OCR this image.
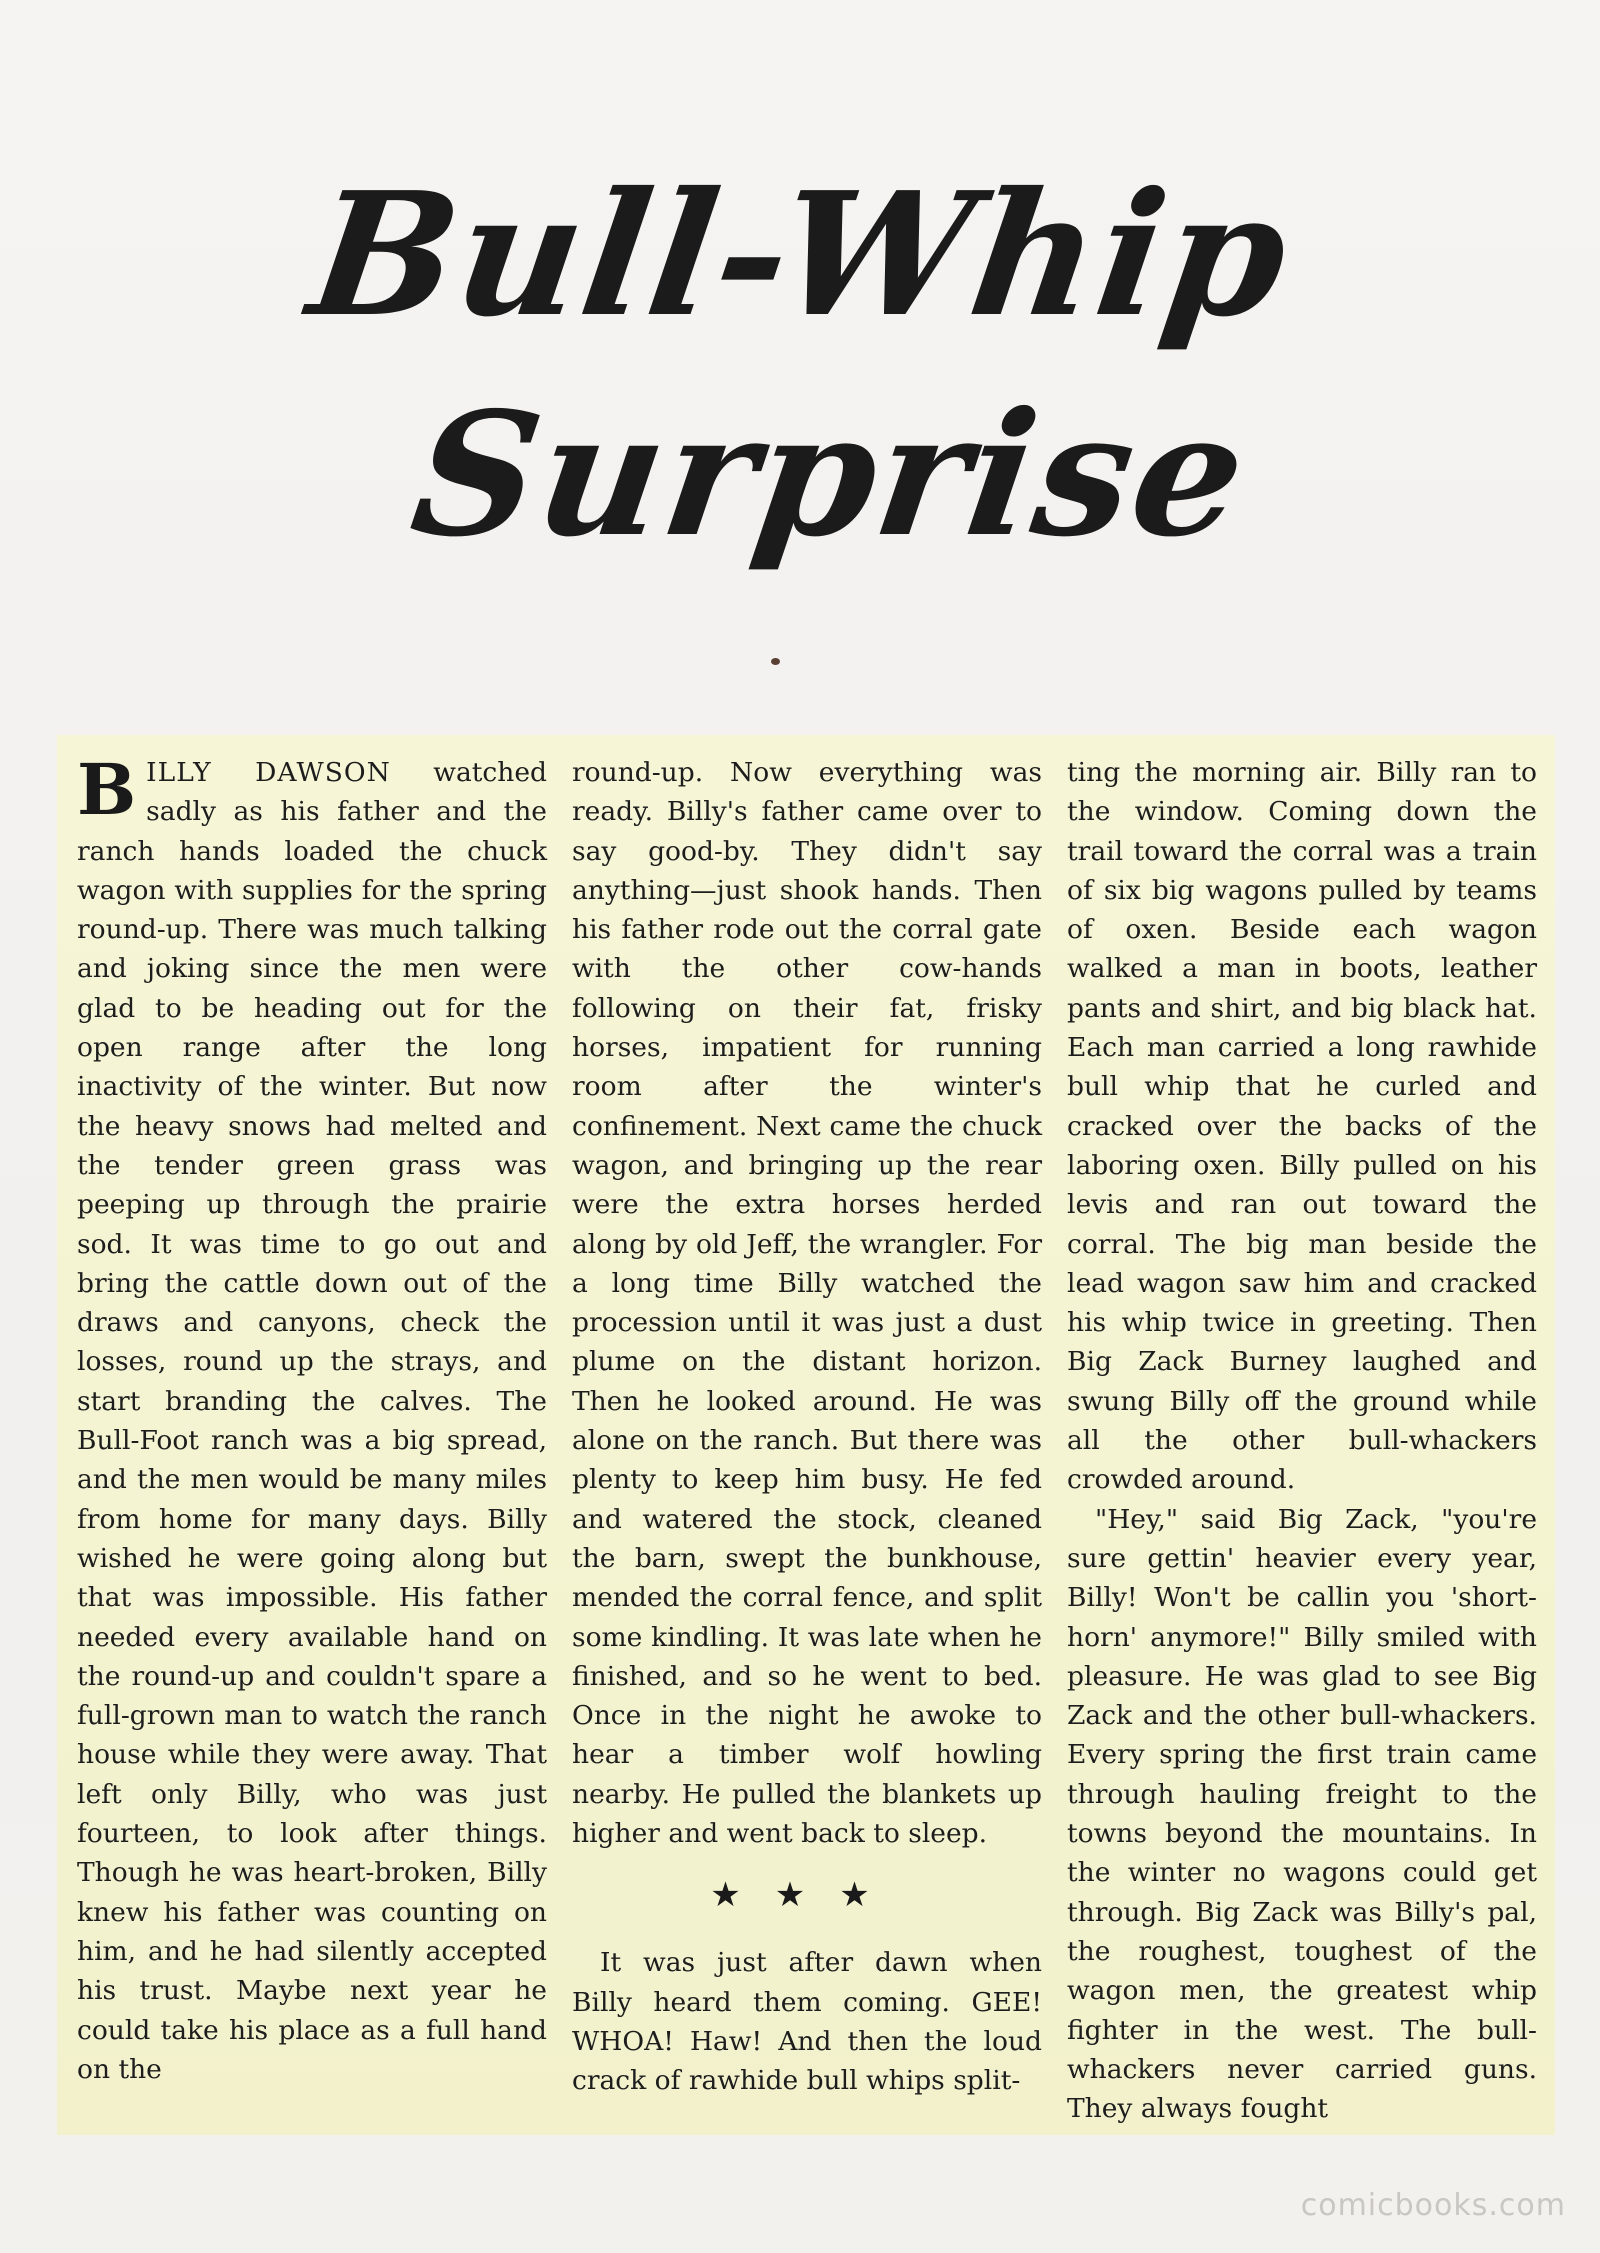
Bull-Whip
Surprise

BILLY DAWSON watched sadly as his father and the ranch hands loaded the chuck wagon with supplies for the spring round-up. There was much talking and joking since the men were glad to be heading out for the open range after the long inactivity of the winter. But now the heavy snows had melted and the tender green grass was peeping up through the prairie sod. It was time to go out and bring the cattle down out of the draws and canyons, check the losses, round up the strays, and start branding the calves. The Bull-Foot ranch was a big spread, and the men would be many miles from home for many days. Billy wished he were going along but that was impossible. His father needed every available hand on the round-up and couldn't spare a full-grown man to watch the ranch house while they were away. That left only Billy, who was just fourteen, to look after things. Though he was heart-broken, Billy knew his father was counting on him, and he had silently accepted his trust. Maybe next year he could take his place as a full hand on the

round-up. Now everything was ready. Billy's father came over to say good-by. They didn't say anything—just shook hands. Then his father rode out the corral gate with the other cow-hands following on their fat, frisky horses, impatient for running room after the winter's confinement. Next came the chuck wagon, and bringing up the rear were the extra horses herded along by old Jeff, the wrangler. For a long time Billy watched the procession until it was just a dust plume on the distant horizon. Then he looked around. He was alone on the ranch. But there was plenty to keep him busy. He fed and watered the stock, cleaned the barn, swept the bunkhouse, mended the corral fence, and split some kindling. It was late when he finished, and so he went to bed. Once in the night he awoke to hear a timber wolf howling nearby. He pulled the blankets up higher and went back to sleep.

★★★

It was just after dawn when Billy heard them coming. GEE! WHOA! Haw! And then the loud crack of rawhide bull whips split-

ting the morning air. Billy ran to the window. Coming down the trail toward the corral was a train of six big wagons pulled by teams of oxen. Beside each wagon walked a man in boots, leather pants and shirt, and big black hat. Each man carried a long rawhide bull whip that he curled and cracked over the backs of the laboring oxen. Billy pulled on his levis and ran out toward the corral. The big man beside the lead wagon saw him and cracked his whip twice in greeting. Then Big Zack Burney laughed and swung Billy off the ground while all the other bull-whackers crowded around.

"Hey," said Big Zack, "you're sure gettin' heavier every year, Billy! Won't be callin you 'short-horn' anymore!" Billy smiled with pleasure. He was glad to see Big Zack and the other bull-whackers. Every spring the first train came through hauling freight to the towns beyond the mountains. In the winter no wagons could get through. Big Zack was Billy's pal, the roughest, toughest of the wagon men, the greatest whip fighter in the west. The bull-whackers never carried guns. They always fought

comicbooks.com
